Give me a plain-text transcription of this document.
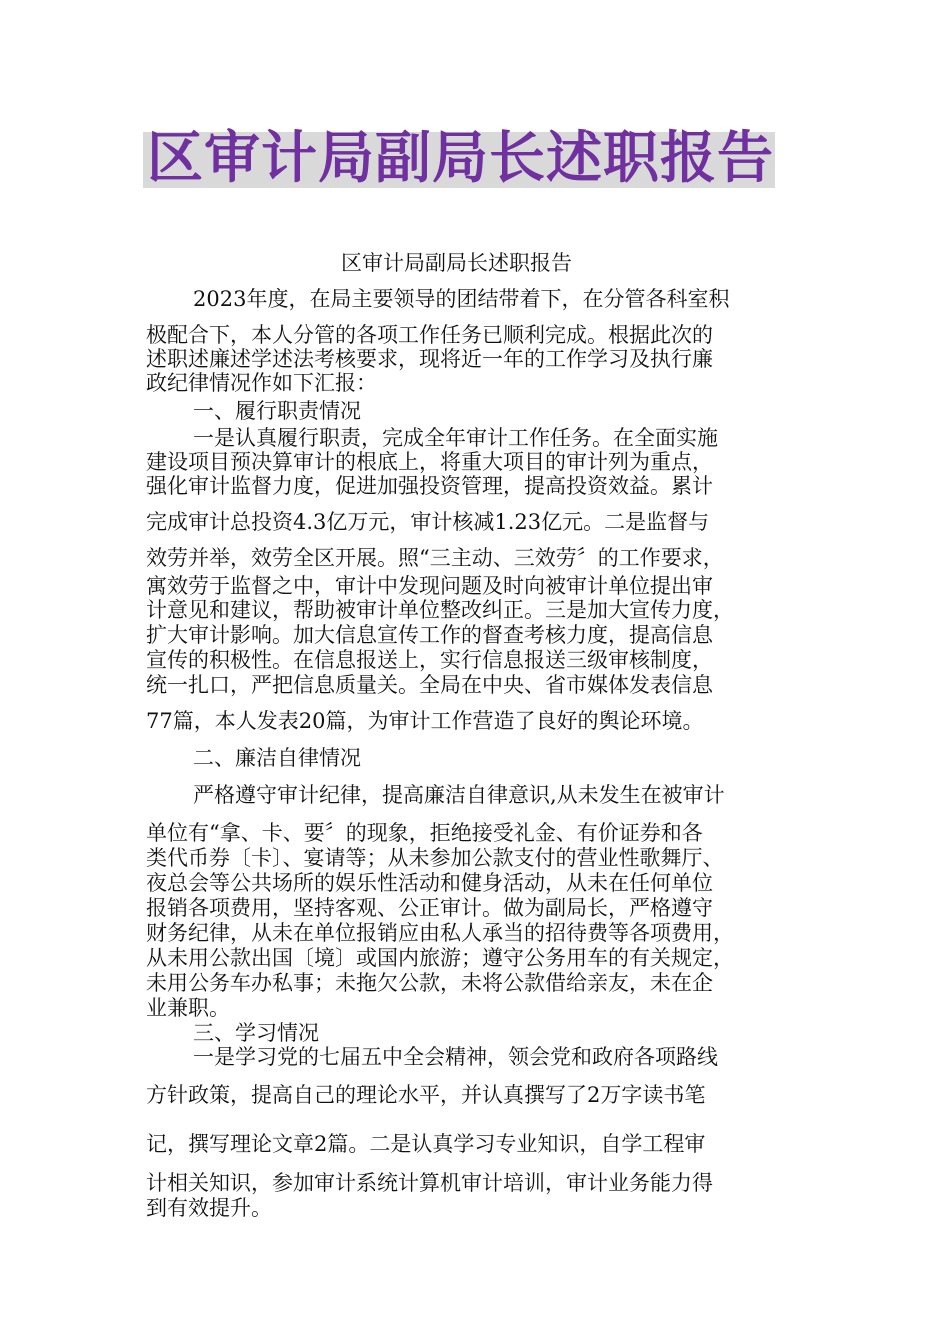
区审计局副局长述职报告
区审计局副局长述职报告
2023年度，在局主要领导的团结带着下，在分管各科室积
极配合下，本人分管的各项工作任务已顺利完成。根据此次的
述职述廉述学述法考核要求，现将近一年的工作学习及执行廉
政纪律情况作如下汇报：
一、履行职责情况
一是认真履行职责，完成全年审计工作任务。在全面实施
建设项目预决算审计的根底上，将重大项目的审计列为重点，
强化审计监督力度，促进加强投资管理，提高投资效益。累计
完成审计总投资4.3亿万元，审计核减1.23亿元。二是监督与
效劳并举，效劳全区开展。照“三主动、三效劳〞的工作要求，
寓效劳于监督之中，审计中发现问题及时向被审计单位提出审
计意见和建议，帮助被审计单位整改纠正。三是加大宣传力度，
扩大审计影响。加大信息宣传工作的督查考核力度，提高信息
宣传的积极性。在信息报送上，实行信息报送三级审核制度，
统一扎口，严把信息质量关。全局在中央、省市媒体发表信息
77篇，本人发表20篇，为审计工作营造了良好的舆论环境。
二、廉洁自律情况
严格遵守审计纪律，提高廉洁自律意识,从未发生在被审计
单位有“拿、卡、要〞的现象，拒绝接受礼金、有价证券和各
类代币券〔卡〕、宴请等；从未参加公款支付的营业性歌舞厅、
夜总会等公共场所的娱乐性活动和健身活动，从未在任何单位
报销各项费用，坚持客观、公正审计。做为副局长，严格遵守
财务纪律，从未在单位报销应由私人承当的招待费等各项费用，
从未用公款出国〔境〕或国内旅游；遵守公务用车的有关规定，
未用公务车办私事；未拖欠公款，未将公款借给亲友，未在企
业兼职。
三、学习情况
一是学习党的七届五中全会精神，领会党和政府各项路线
方针政策，提高自己的理论水平，并认真撰写了2万字读书笔
记，撰写理论文章2篇。二是认真学习专业知识，自学工程审
计相关知识，参加审计系统计算机审计培训，审计业务能力得
到有效提升。
